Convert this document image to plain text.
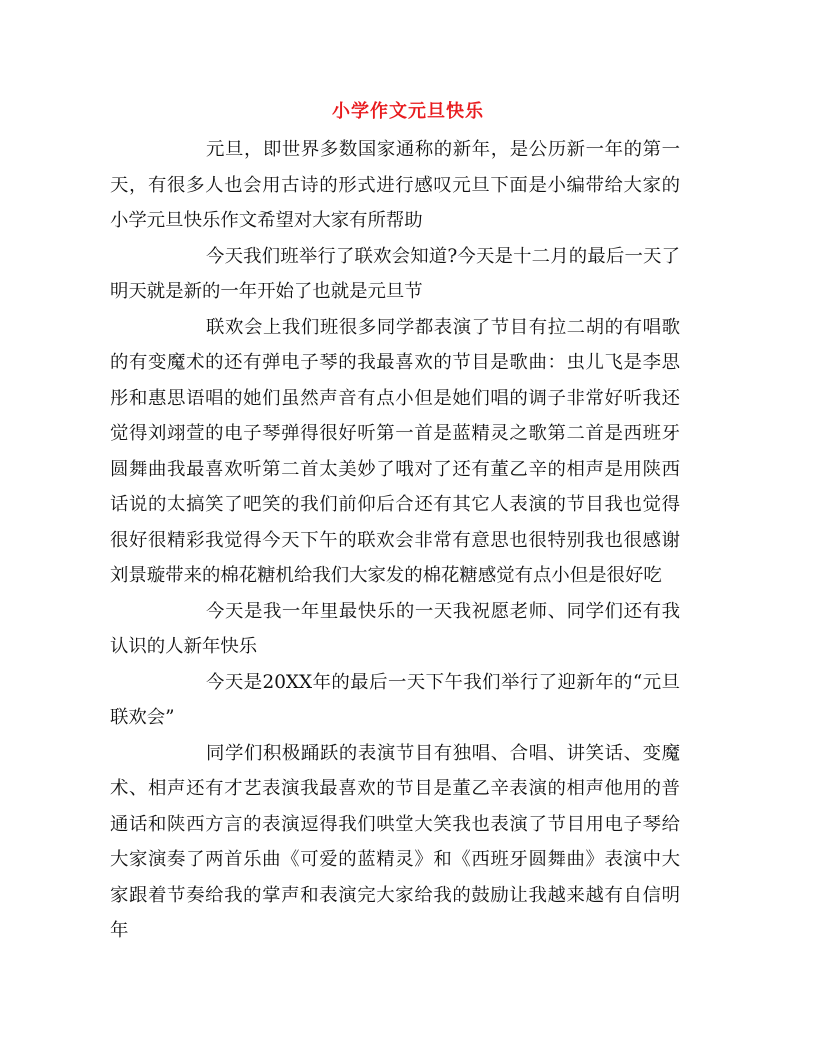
小学作文元旦快乐

元旦，即世界多数国家通称的新年，是公历新一年的第一天，有很多人也会用古诗的形式进行感叹元旦下面是小编带给大家的小学元旦快乐作文希望对大家有所帮助

今天我们班举行了联欢会知道?今天是十二月的最后一天了明天就是新的一年开始了也就是元旦节

联欢会上我们班很多同学都表演了节目有拉二胡的有唱歌的有变魔术的还有弹电子琴的我最喜欢的节目是歌曲：虫儿飞是李思彤和惠思语唱的她们虽然声音有点小但是她们唱的调子非常好听我还觉得刘翊萱的电子琴弹得很好听第一首是蓝精灵之歌第二首是西班牙圆舞曲我最喜欢听第二首太美妙了哦对了还有董乙辛的相声是用陕西话说的太搞笑了吧笑的我们前仰后合还有其它人表演的节目我也觉得很好很精彩我觉得今天下午的联欢会非常有意思也很特别我也很感谢刘景璇带来的棉花糖机给我们大家发的棉花糖感觉有点小但是很好吃

今天是我一年里最快乐的一天我祝愿老师、同学们还有我认识的人新年快乐

今天是20XX年的最后一天下午我们举行了迎新年的“元旦联欢会”

同学们积极踊跃的表演节目有独唱、合唱、讲笑话、变魔术、相声还有才艺表演我最喜欢的节目是董乙辛表演的相声他用的普通话和陕西方言的表演逗得我们哄堂大笑我也表演了节目用电子琴给大家演奏了两首乐曲《可爱的蓝精灵》和《西班牙圆舞曲》表演中大家跟着节奏给我的掌声和表演完大家给我的鼓励让我越来越有自信明年
